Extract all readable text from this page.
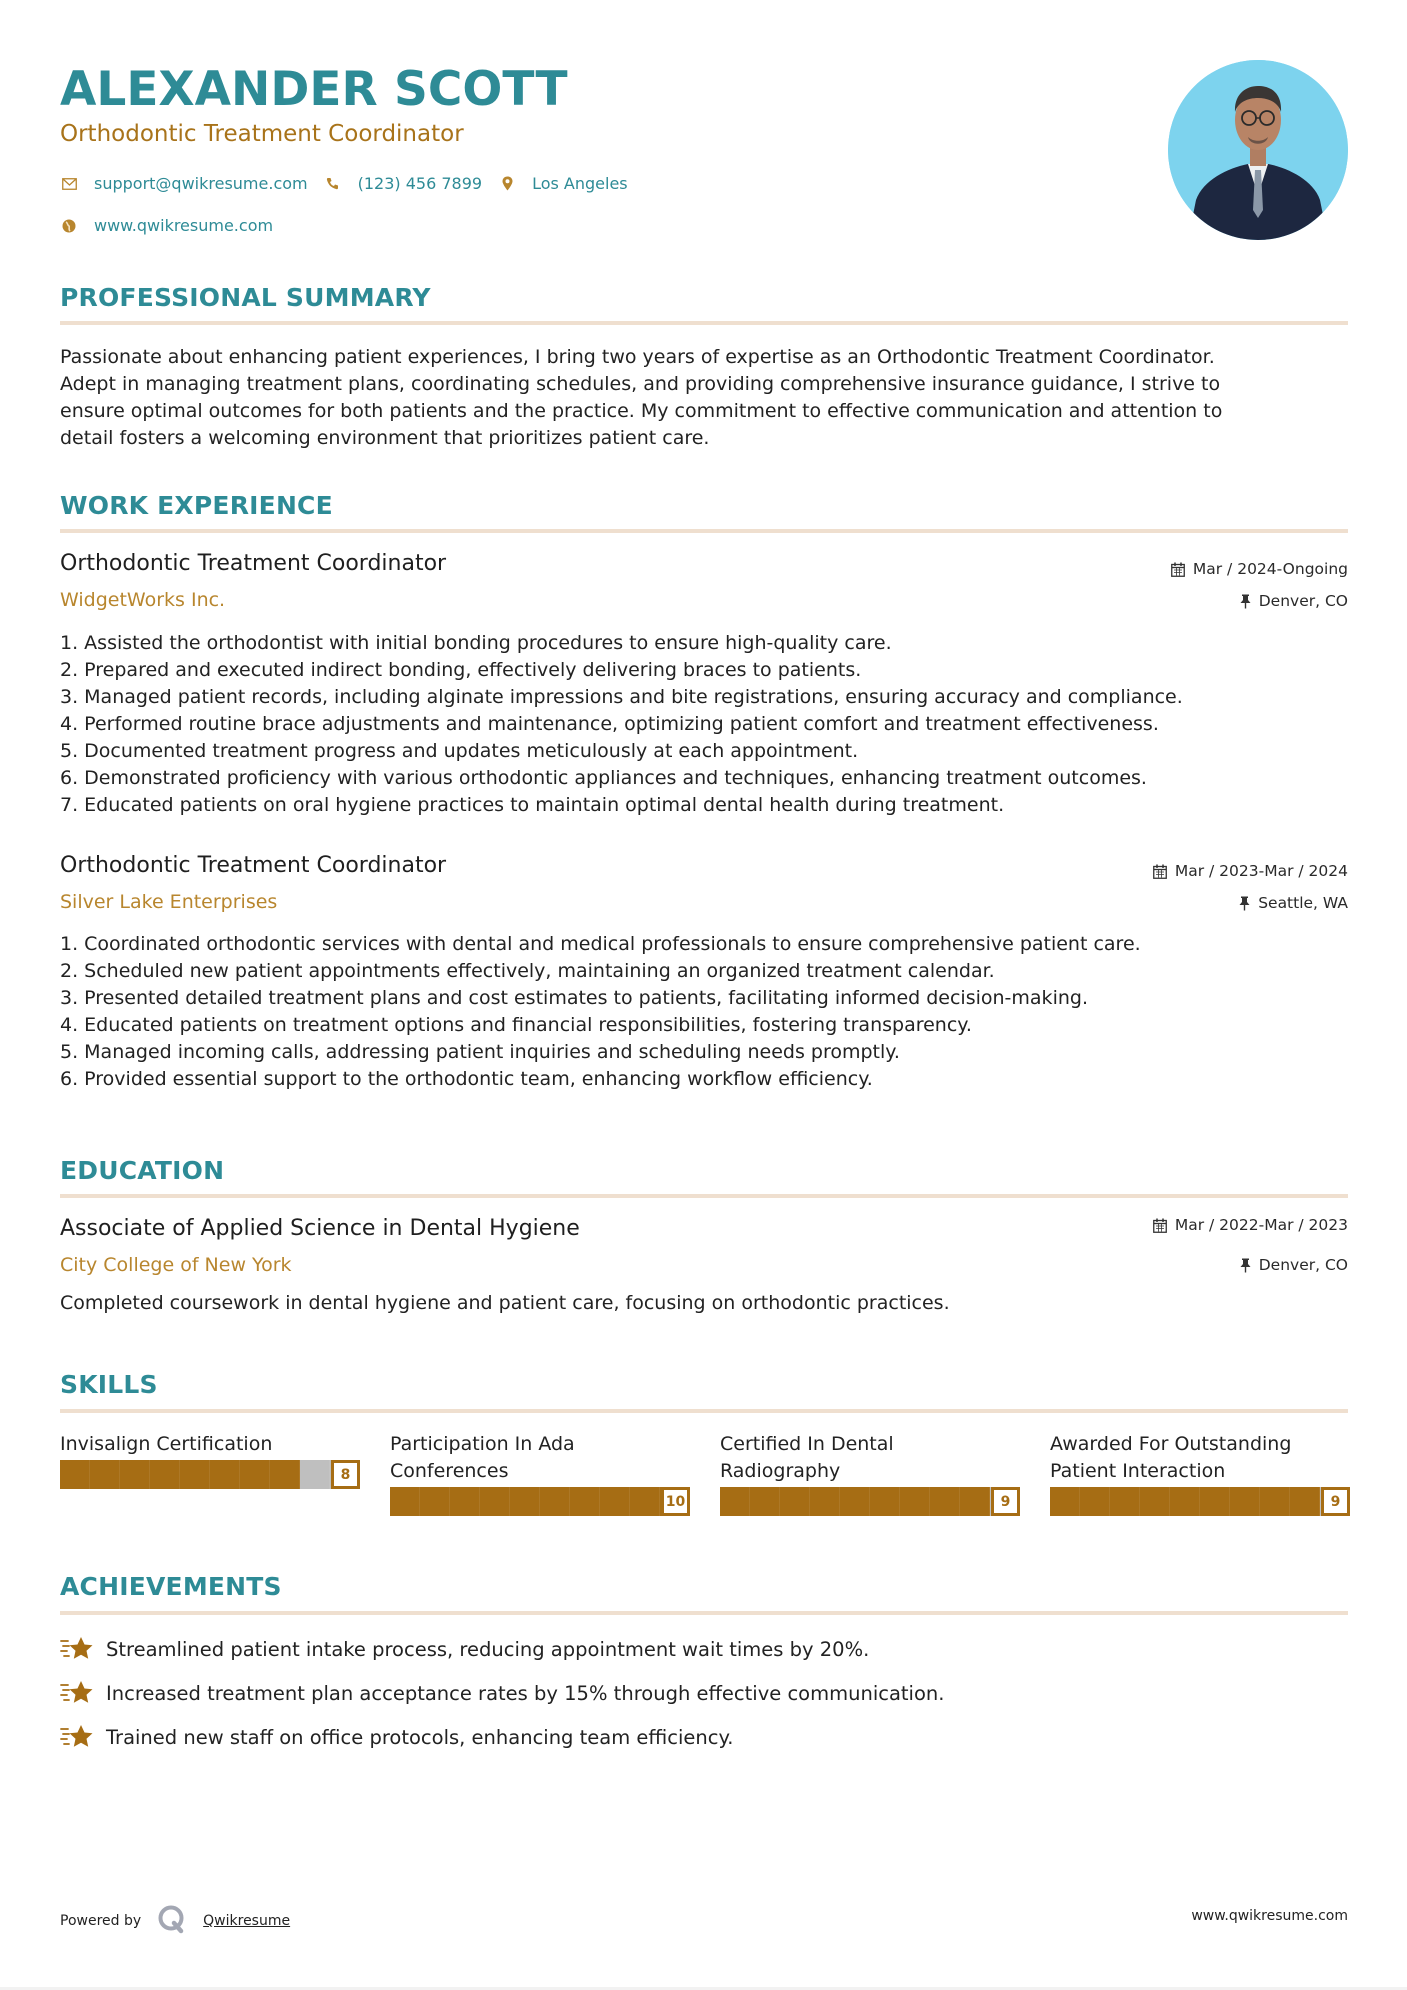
ALEXANDER SCOTT
Orthodontic Treatment Coordinator
support@qwikresume.com	(123) 456 7899	Los Angeles
www.qwikresume.com
PROFESSIONAL SUMMARY
Passionate about enhancing patient experiences, I bring two years of expertise as an Orthodontic Treatment Coordinator.
Adept in managing treatment plans, coordinating schedules, and providing comprehensive insurance guidance, I strive to
ensure optimal outcomes for both patients and the practice. My commitment to effective communication and attention to
detail fosters a welcoming environment that prioritizes patient care.
WORK EXPERIENCE
Orthodontic Treatment Coordinator
WidgetWorks Inc.
Mar / 2024-Ongoing
Denver, CO
1. Assisted the orthodontist with initial bonding procedures to ensure high-quality care.
2. Prepared and executed indirect bonding, effectively delivering braces to patients.
3. Managed patient records, including alginate impressions and bite registrations, ensuring accuracy and compliance.
4. Performed routine brace adjustments and maintenance, optimizing patient comfort and treatment effectiveness.
5. Documented treatment progress and updates meticulously at each appointment.
6. Demonstrated proficiency with various orthodontic appliances and techniques, enhancing treatment outcomes.
7. Educated patients on oral hygiene practices to maintain optimal dental health during treatment.
Orthodontic Treatment Coordinator
Silver Lake Enterprises
Mar / 2023-Mar / 2024
Seattle, WA
1. Coordinated orthodontic services with dental and medical professionals to ensure comprehensive patient care.
2. Scheduled new patient appointments effectively, maintaining an organized treatment calendar.
3. Presented detailed treatment plans and cost estimates to patients, facilitating informed decision-making.
4. Educated patients on treatment options and financial responsibilities, fostering transparency.
5. Managed incoming calls, addressing patient inquiries and scheduling needs promptly.
6. Provided essential support to the orthodontic team, enhancing workflow efficiency.
EDUCATION
Associate of Applied Science in Dental Hygiene
City College of New York
Mar / 2022-Mar / 2023
Denver, CO
Completed coursework in dental hygiene and patient care, focusing on orthodontic practices.
SKILLS
Invisalign Certification
8
Participation In Ada
Conferences
10
Certified In Dental
Radiography
9
Awarded For Outstanding
Patient Interaction
9
ACHIEVEMENTS
Streamlined patient intake process, reducing appointment wait times by 20%.
Increased treatment plan acceptance rates by 15% through effective communication.
Trained new staff on office protocols, enhancing team efficiency.
Powered by	Qwikresume	www.qwikresume.com
